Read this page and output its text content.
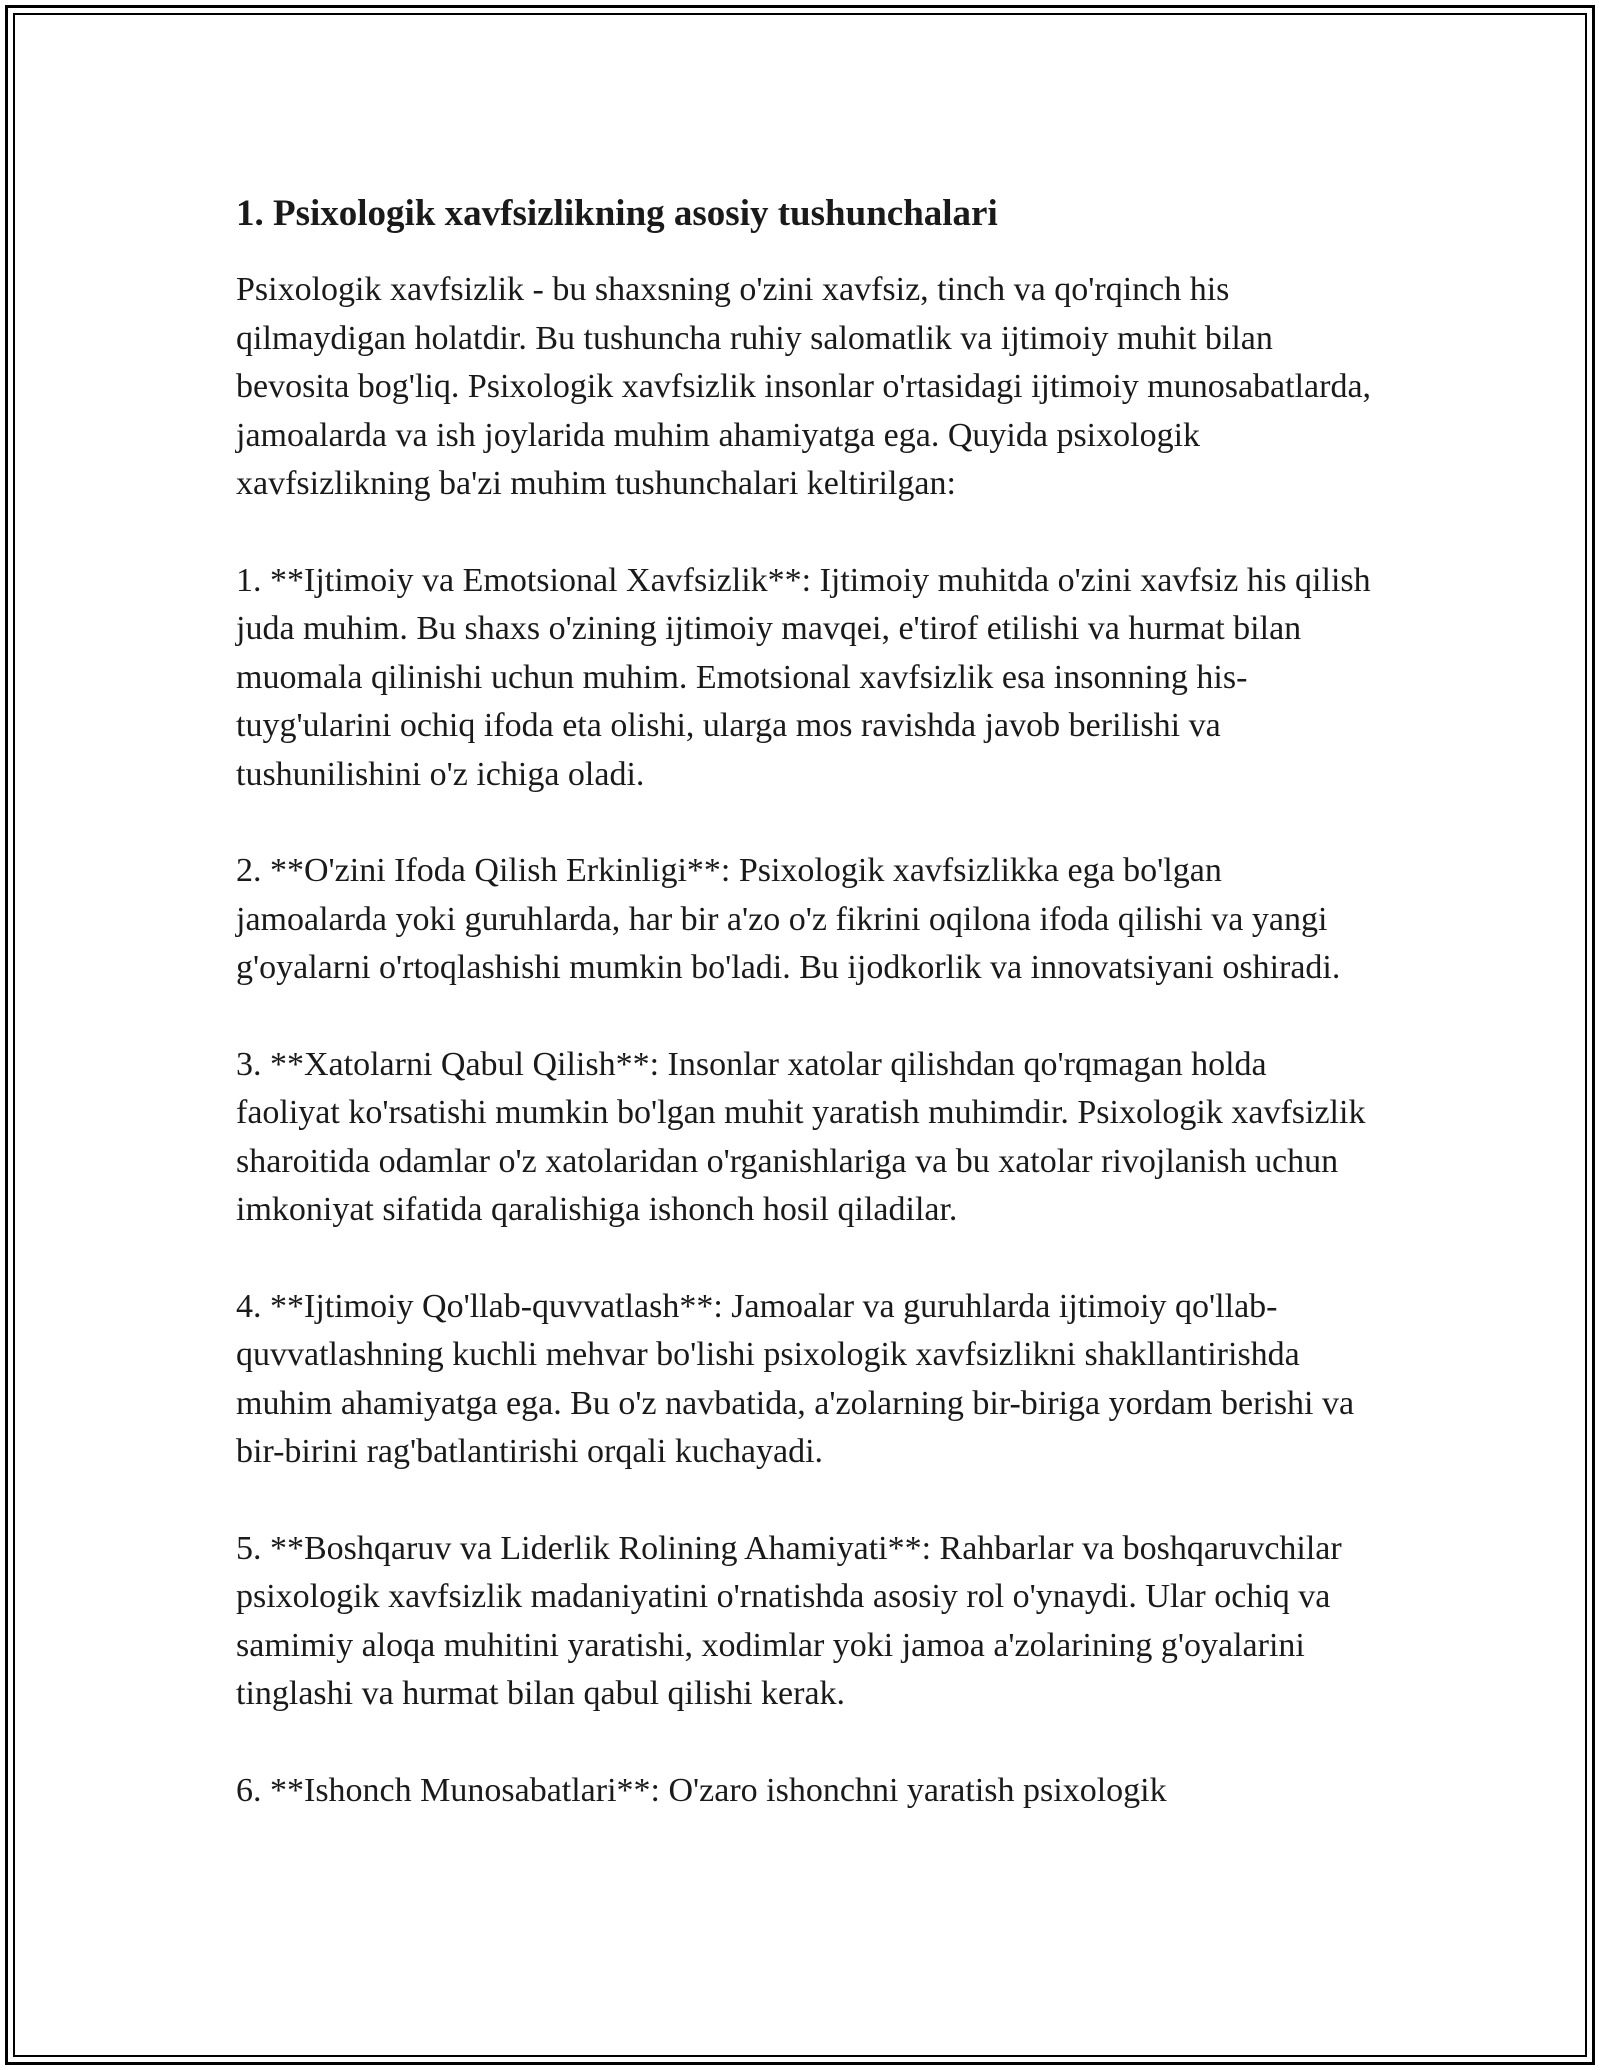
1. Psixologik xavfsizlikning asosiy tushunchalari

Psixologik xavfsizlik - bu shaxsning o'zini xavfsiz, tinch va qo'rqinch his qilmaydigan holatdir. Bu tushuncha ruhiy salomatlik va ijtimoiy muhit bilan bevosita bog'liq. Psixologik xavfsizlik insonlar o'rtasidagi ijtimoiy munosabatlarda, jamoalarda va ish joylarida muhim ahamiyatga ega. Quyida psixologik xavfsizlikning ba'zi muhim tushunchalari keltirilgan:

1. **Ijtimoiy va Emotsional Xavfsizlik**: Ijtimoiy muhitda o'zini xavfsiz his qilish juda muhim. Bu shaxs o'zining ijtimoiy mavqei, e'tirof etilishi va hurmat bilan muomala qilinishi uchun muhim. Emotsional xavfsizlik esa insonning his-tuyg'ularini ochiq ifoda eta olishi, ularga mos ravishda javob berilishi va tushunilishini o'z ichiga oladi.

2. **O'zini Ifoda Qilish Erkinligi**: Psixologik xavfsizlikka ega bo'lgan jamoalarda yoki guruhlarda, har bir a'zo o'z fikrini oqilona ifoda qilishi va yangi g'oyalarni o'rtoqlashishi mumkin bo'ladi. Bu ijodkorlik va innovatsiyani oshiradi.

3. **Xatolarni Qabul Qilish**: Insonlar xatolar qilishdan qo'rqmagan holda faoliyat ko'rsatishi mumkin bo'lgan muhit yaratish muhimdir. Psixologik xavfsizlik sharoitida odamlar o'z xatolaridan o'rganishlariga va bu xatolar rivojlanish uchun imkoniyat sifatida qaralishiga ishonch hosil qiladilar.

4. **Ijtimoiy Qo'llab-quvvatlash**: Jamoalar va guruhlarda ijtimoiy qo'llab-quvvatlashning kuchli mehvar bo'lishi psixologik xavfsizlikni shakllantirishda muhim ahamiyatga ega. Bu o'z navbatida, a'zolarning bir-biriga yordam berishi va bir-birini rag'batlantirishi orqali kuchayadi.

5. **Boshqaruv va Liderlik Rolining Ahamiyati**: Rahbarlar va boshqaruvchilar psixologik xavfsizlik madaniyatini o'rnatishda asosiy rol o'ynaydi. Ular ochiq va samimiy aloqa muhitini yaratishi, xodimlar yoki jamoa a'zolarining g'oyalarini tinglashi va hurmat bilan qabul qilishi kerak.

6. **Ishonch Munosabatlari**: O'zaro ishonchni yaratish psixologik
